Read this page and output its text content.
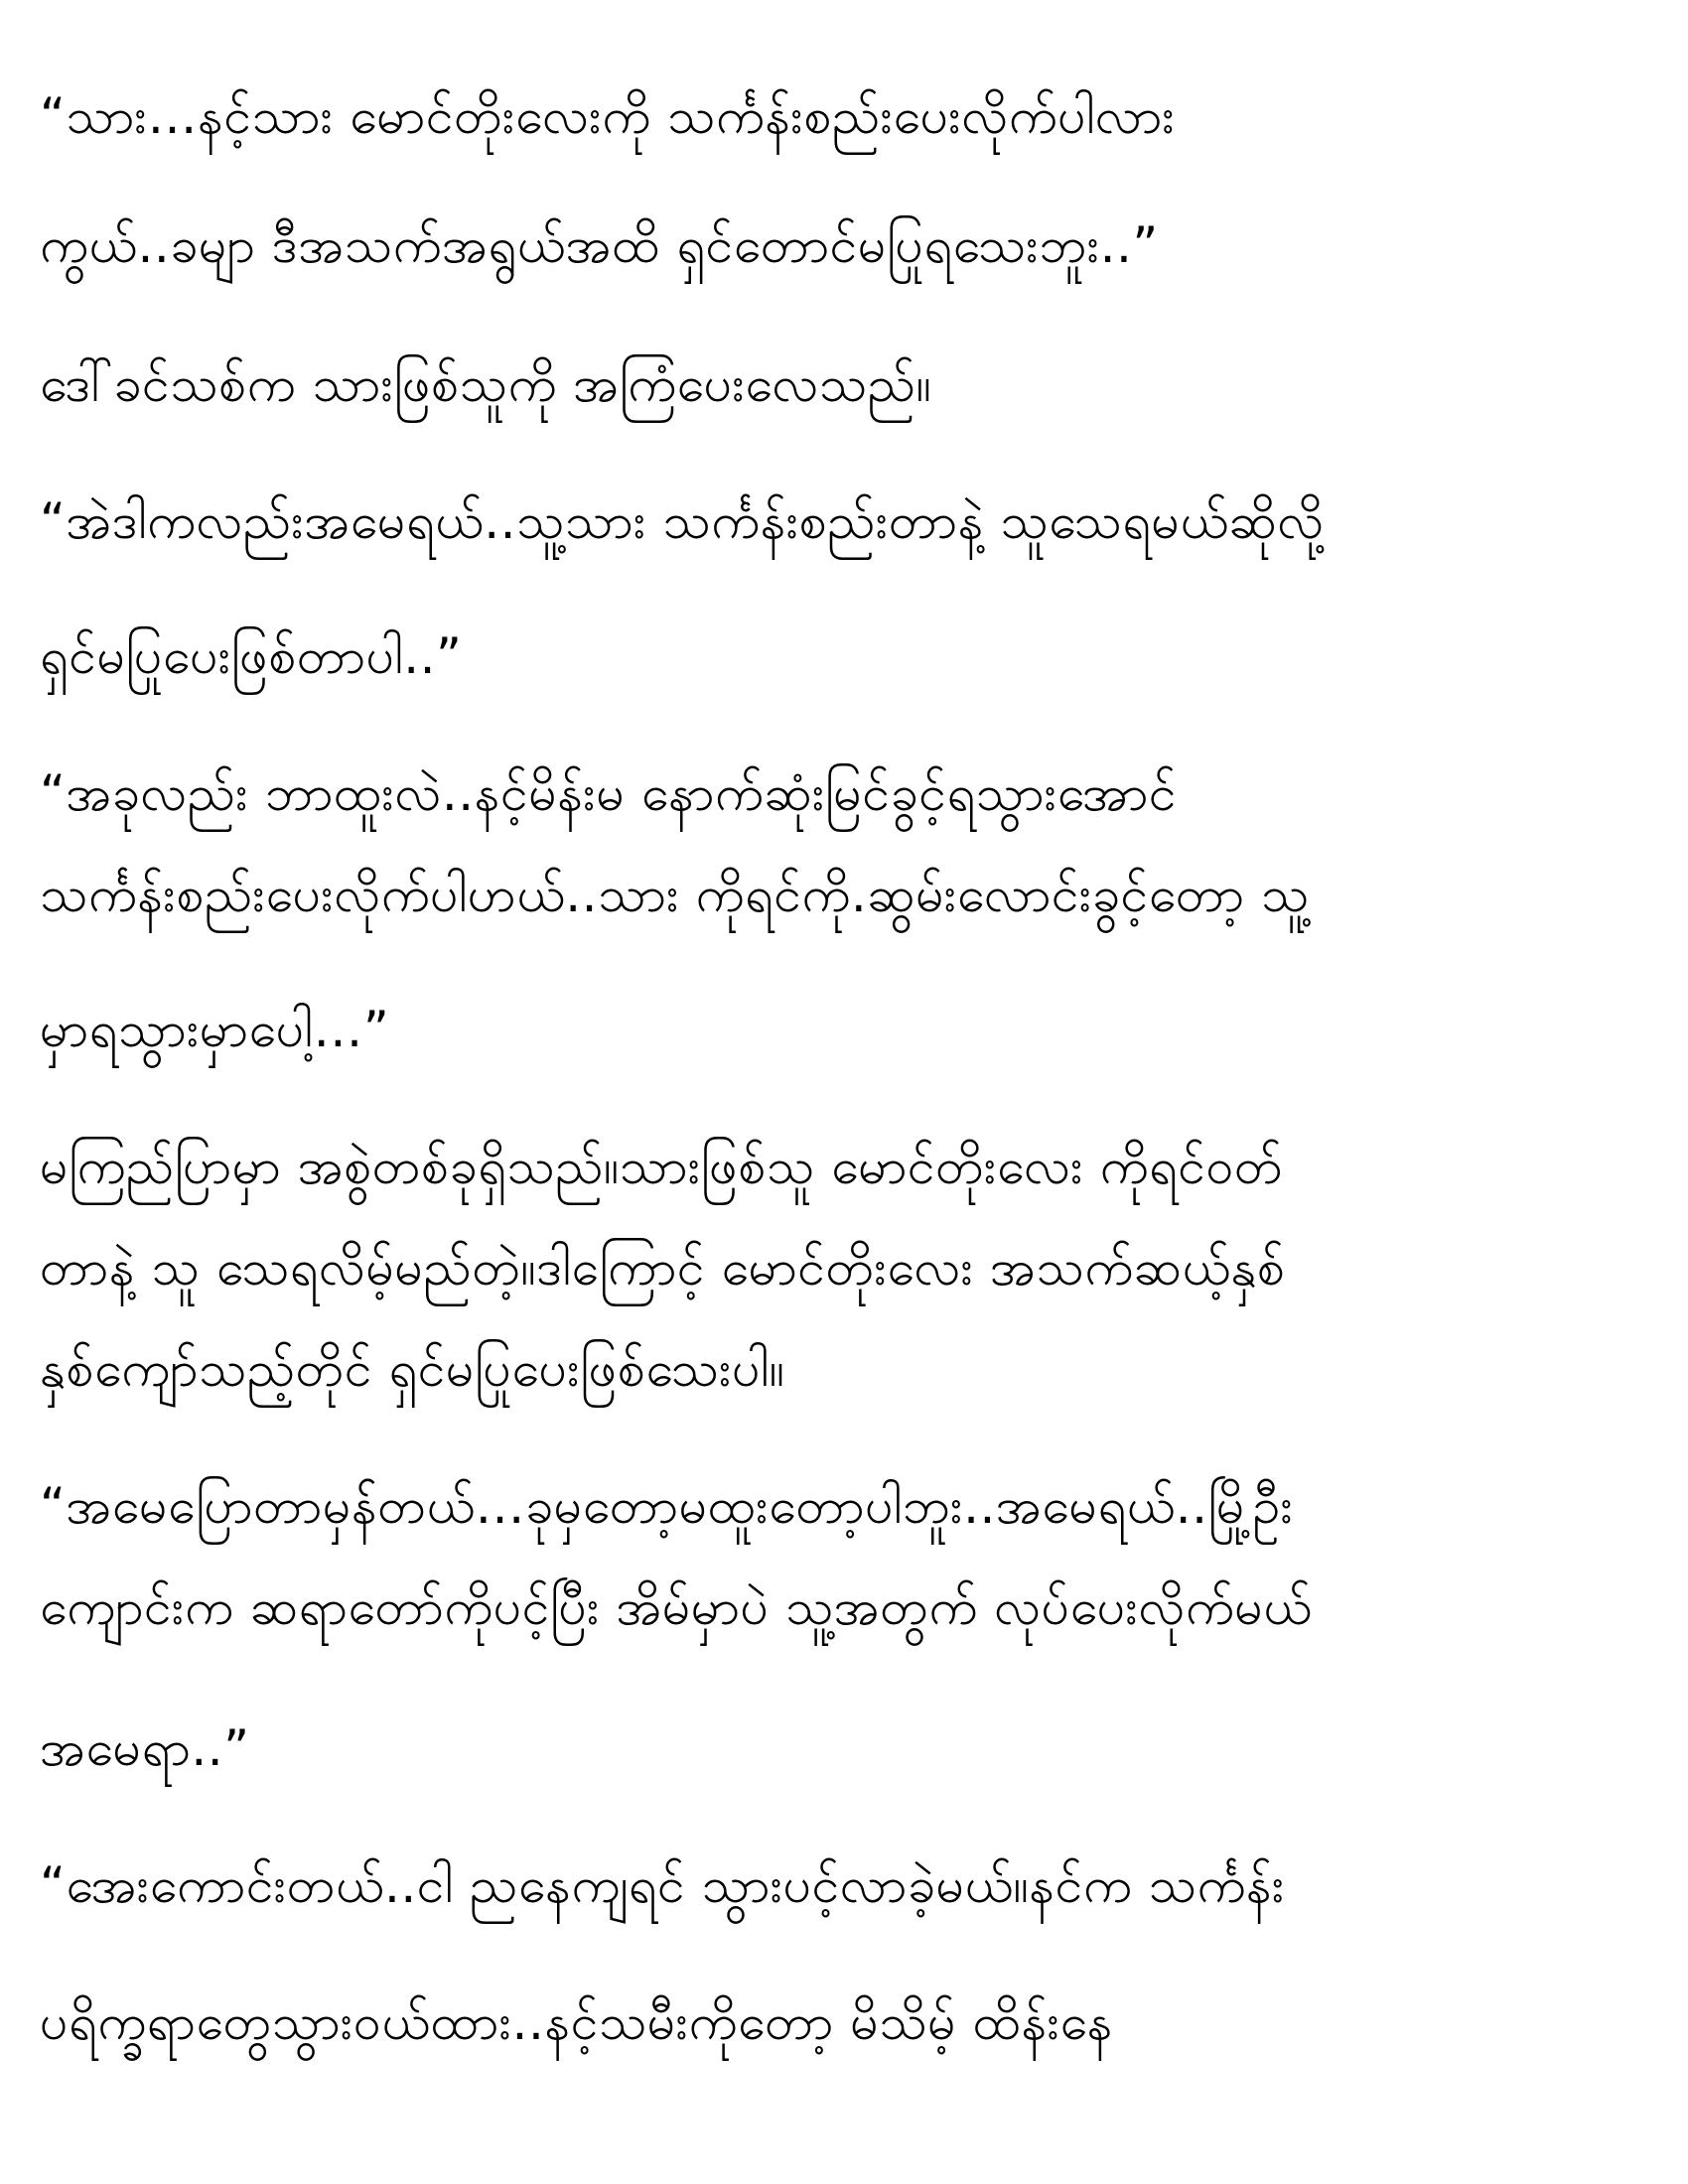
“သား…နင့်သား မောင်တိုးလေးကို သင်္ကန်းစည်းပေးလိုက်ပါလား
ကွယ်..ခမျာ ဒီအသက်အရွယ်အထိ ရှင်တောင်မပြုရသေးဘူး..”
ဒေါ်ခင်သစ်က သားဖြစ်သူကို အကြံပေးလေသည်။
“အဲဒါကလည်းအမေရယ်..သူ့သား သင်္ကန်းစည်းတာနဲ့ သူသေရမယ်ဆိုလို့
ရှင်မပြုပေးဖြစ်တာပါ..”
“အခုလည်း ဘာထူးလဲ..နင့်မိန်းမ နောက်ဆုံးမြင်ခွင့်ရသွားအောင်
သင်္ကန်းစည်းပေးလိုက်ပါဟယ်..သား ကိုရင်ကို.ဆွမ်းလောင်းခွင့်တော့ သူ့
မှာရသွားမှာပေါ့…”
မကြည်ပြာမှာ အစွဲတစ်ခုရှိသည်။သားဖြစ်သူ မောင်တိုးလေး ကိုရင်ဝတ်
တာနဲ့ သူ သေရလိမ့်မည်တဲ့။ဒါကြောင့် မောင်တိုးလေး အသက်ဆယ့်နှစ်
နှစ်ကျော်သည့်တိုင် ရှင်မပြုပေးဖြစ်သေးပါ။
“အမေပြောတာမှန််တယ်…ခုမှတော့မထူးတော့ပါဘူး..အမေရယ်..မြို့ဦး
ကျောင်းက ဆရာတော်ကိုပင့်ပြီး အိမ်မှာပဲ သူ့အတွက် လုပ်ပေးလိုက်မယ်
အမေရာ..”
“အေးကောင်းတယ်..ငါ ညနေကျရင် သွားပင့်လာခဲ့မယ်။နင်က သင်္ကန်း
ပရိက္ခရာတွေသွားဝယ်ထား..နင့်သမီးကိုတော့ မိသိမ့် ထိန်းနေ
